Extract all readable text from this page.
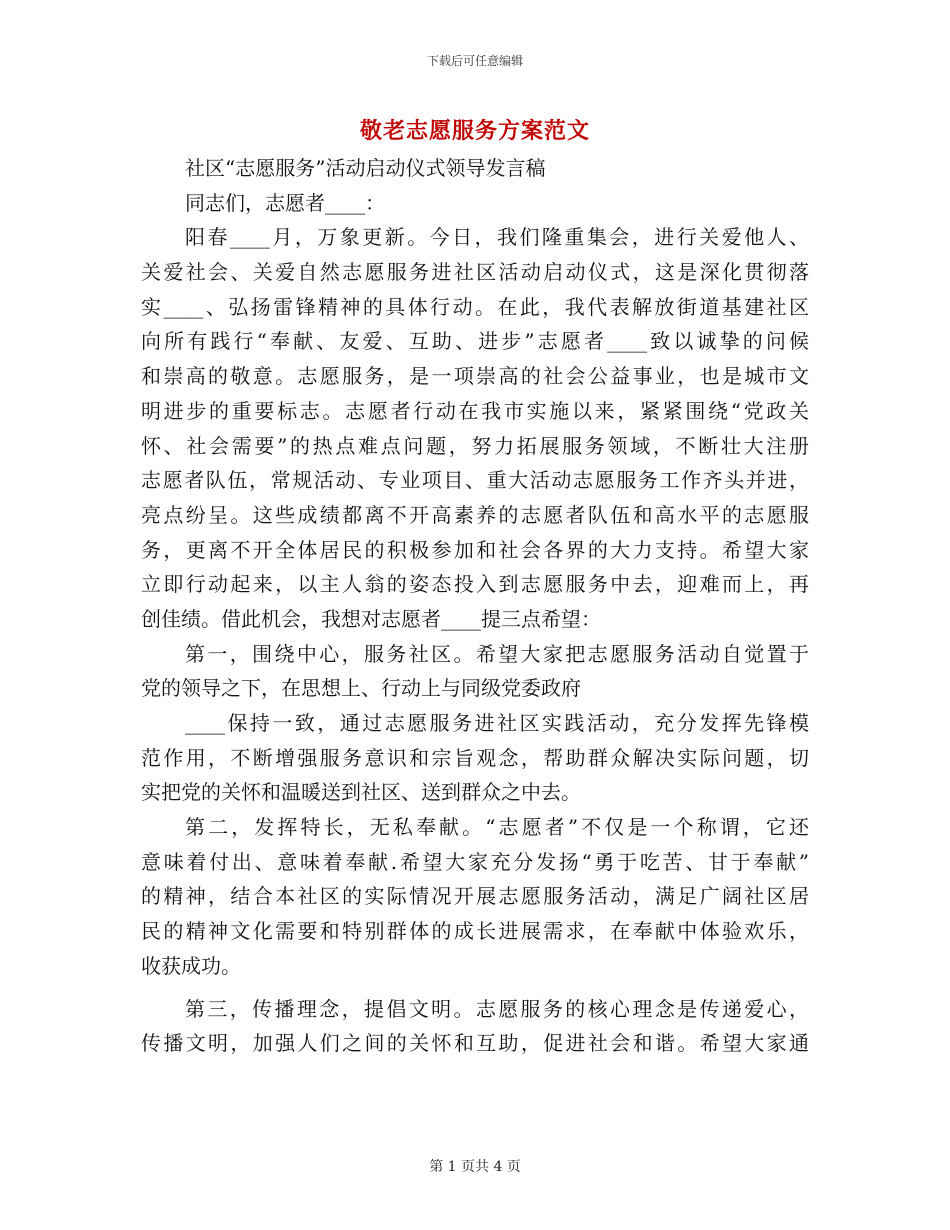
下载后可任意编辑
敬老志愿服务方案范文
社区“志愿服务”活动启动仪式领导发言稿
同志们，志愿者____：
阳春____月，万象更新。今日，我们隆重集会，进行关爱他人、
关爱社会、关爱自然志愿服务进社区活动启动仪式，这是深化贯彻落
实____、弘扬雷锋精神的具体行动。在此，我代表解放街道基建社区
向所有践行“奉献、友爱、互助、进步”志愿者____致以诚挚的问候
和崇高的敬意。志愿服务，是一项崇高的社会公益事业，也是城市文
明进步的重要标志。志愿者行动在我市实施以来，紧紧围绕“党政关
怀、社会需要”的热点难点问题，努力拓展服务领域，不断壮大注册
志愿者队伍，常规活动、专业项目、重大活动志愿服务工作齐头并进，
亮点纷呈。这些成绩都离不开高素养的志愿者队伍和高水平的志愿服
务，更离不开全体居民的积极参加和社会各界的大力支持。希望大家
立即行动起来，以主人翁的姿态投入到志愿服务中去，迎难而上，再
创佳绩。借此机会，我想对志愿者____提三点希望：
第一，围绕中心，服务社区。希望大家把志愿服务活动自觉置于
党的领导之下，在思想上、行动上与同级党委政府
____保持一致，通过志愿服务进社区实践活动，充分发挥先锋模
范作用，不断增强服务意识和宗旨观念，帮助群众解决实际问题，切
实把党的关怀和温暖送到社区、送到群众之中去。
第二，发挥特长，无私奉献。“志愿者”不仅是一个称谓，它还
意味着付出、意味着奉献.希望大家充分发扬“勇于吃苦、甘于奉献”
的精神，结合本社区的实际情况开展志愿服务活动，满足广阔社区居
民的精神文化需要和特别群体的成长进展需求，在奉献中体验欢乐，
收获成功。
第三，传播理念，提倡文明。志愿服务的核心理念是传递爱心，
传播文明，加强人们之间的关怀和互助，促进社会和谐。希望大家通
第 1 页共 4 页
